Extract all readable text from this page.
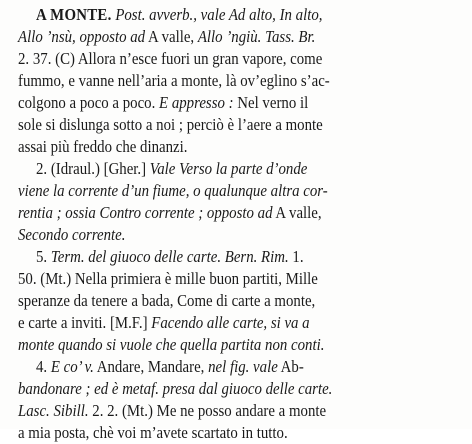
A MONTE. Post. avverb., vale Ad alto, In alto,
Allo ’nsù, opposto ad A valle, Allo ’ngiù. Tass. Br.
2. 37. (C) Allora n’esce fuori un gran vapore, come
fummo, e vanne nell’aria a monte, là ov’eglino s’ac-
colgono a poco a poco. E appresso : Nel verno il
sole si dislunga sotto a noi ; perciò è l’aere a monte
assai più freddo che dinanzi.
2. (Idraul.) [Gher.] Vale Verso la parte d’onde
viene la corrente d’un fiume, o qualunque altra cor-
rentia ; ossia Contro corrente ; opposto ad A valle,
Secondo corrente.
5. Term. del giuoco delle carte. Bern. Rim. 1.
50. (Mt.) Nella primiera è mille buon partiti, Mille
speranze da tenere a bada, Come di carte a monte,
e carte a inviti. [M.F.] Facendo alle carte, si va a
monte quando si vuole che quella partita non conti.
4. E co’ v. Andare, Mandare, nel fig. vale Ab-
bandonare ; ed è metaf. presa dal giuoco delle carte.
Lasc. Sibill. 2. 2. (Mt.) Me ne posso andare a monte
a mia posta, chè voi m’avete scartato in tutto.
